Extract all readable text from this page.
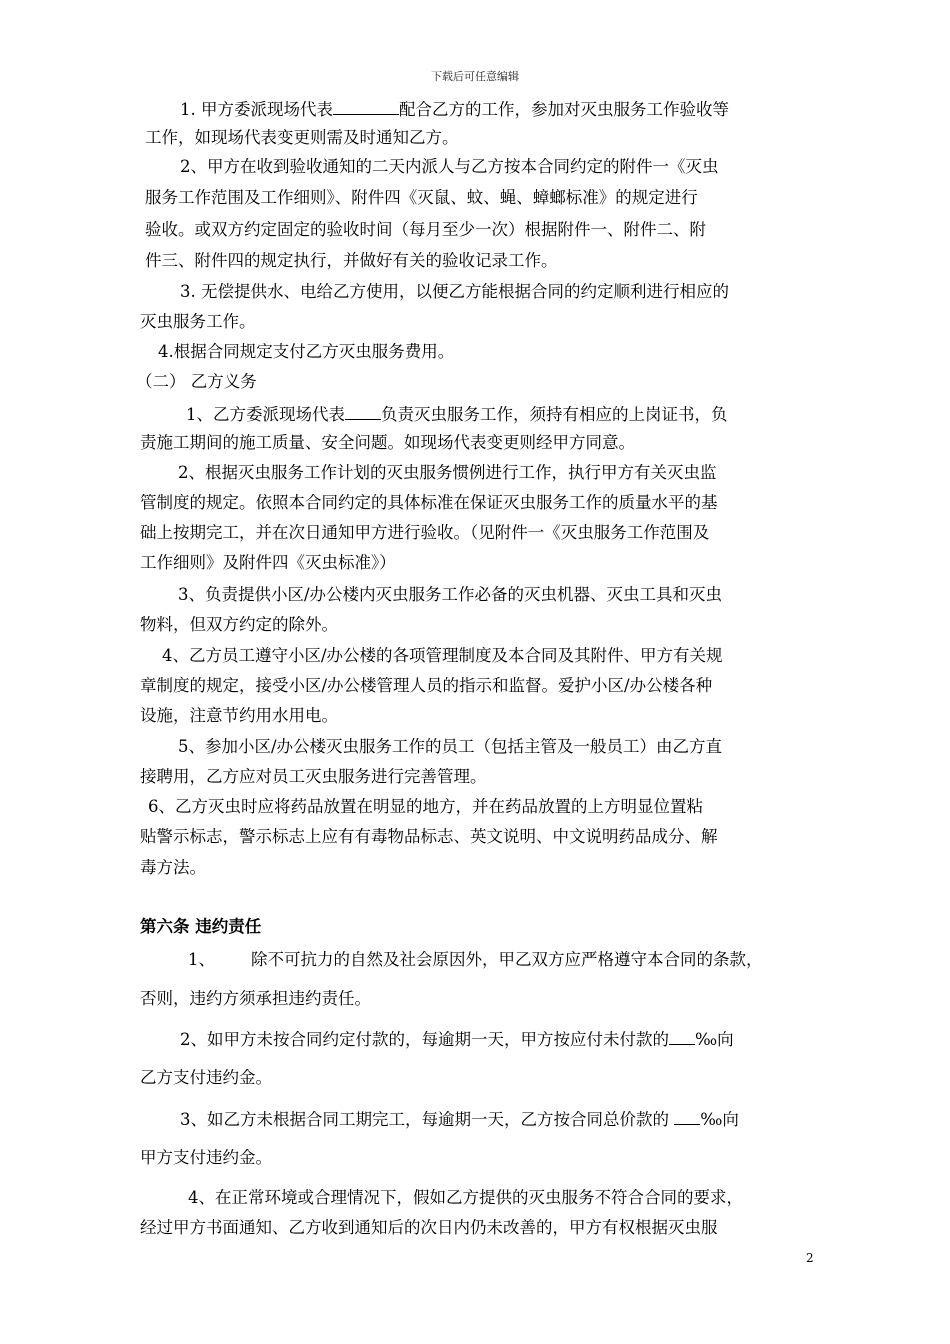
下载后可任意编辑
1. 甲方委派现场代表	配合乙方的工作，参加对灭虫服务工作验收等
工作，如现场代表变更则需及时通知乙方。
2、甲方在收到验收通知的二天内派人与乙方按本合同约定的附件一《灭虫
服务工作范围及工作细则》、附件四《灭鼠、蚊、蝇、蟑螂标准》的规定进行
验收。或双方约定固定的验收时间（每月至少一次）根据附件一、附件二、附
件三、附件四的规定执行，并做好有关的验收记录工作。
3. 无偿提供水、电给乙方使用，以便乙方能根据合同的约定顺利进行相应的
灭虫服务工作。
4.根据合同规定支付乙方灭虫服务费用。
（二） 乙方义务
1、乙方委派现场代表 负责灭虫服务工作，须持有相应的上岗证书，负
责施工期间的施工质量、安全问题。如现场代表变更则经甲方同意。
2、根据灭虫服务工作计划的灭虫服务惯例进行工作，执行甲方有关灭虫监
管制度的规定。依照本合同约定的具体标准在保证灭虫服务工作的质量水平的基
础上按期完工，并在次日通知甲方进行验收。（见附件一《灭虫服务工作范围及
工作细则》及附件四《灭虫标准》）
3、负责提供小区/办公楼内灭虫服务工作必备的灭虫机器、灭虫工具和灭虫
物料，但双方约定的除外。
4、乙方员工遵守小区/办公楼的各项管理制度及本合同及其附件、甲方有关规
章制度的规定，接受小区/办公楼管理人员的指示和监督。爱护小区/办公楼各种
设施，注意节约用水用电。
5、参加小区/办公楼灭虫服务工作的员工（包括主管及一般员工）由乙方直
接聘用，乙方应对员工灭虫服务进行完善管理。
6、乙方灭虫时应将药品放置在明显的地方，并在药品放置的上方明显位置粘
贴警示标志，警示标志上应有有毒物品标志、英文说明、中文说明药品成分、解
毒方法。
第六条 违约责任
1、 除不可抗力的自然及社会原因外，甲乙双方应严格遵守本合同的条款，
否则，违约方须承担违约责任。
2、如甲方未按合同约定付款的，每逾期一天，甲方按应付未付款的 ‰向
乙方支付违约金。
3、如乙方未根据合同工期完工，每逾期一天，乙方按合同总价款的 ‰向
甲方支付违约金。
4、在正常环境或合理情况下，假如乙方提供的灭虫服务不符合合同的要求，
经过甲方书面通知、乙方收到通知后的次日内仍未改善的，甲方有权根据灭虫服
2
